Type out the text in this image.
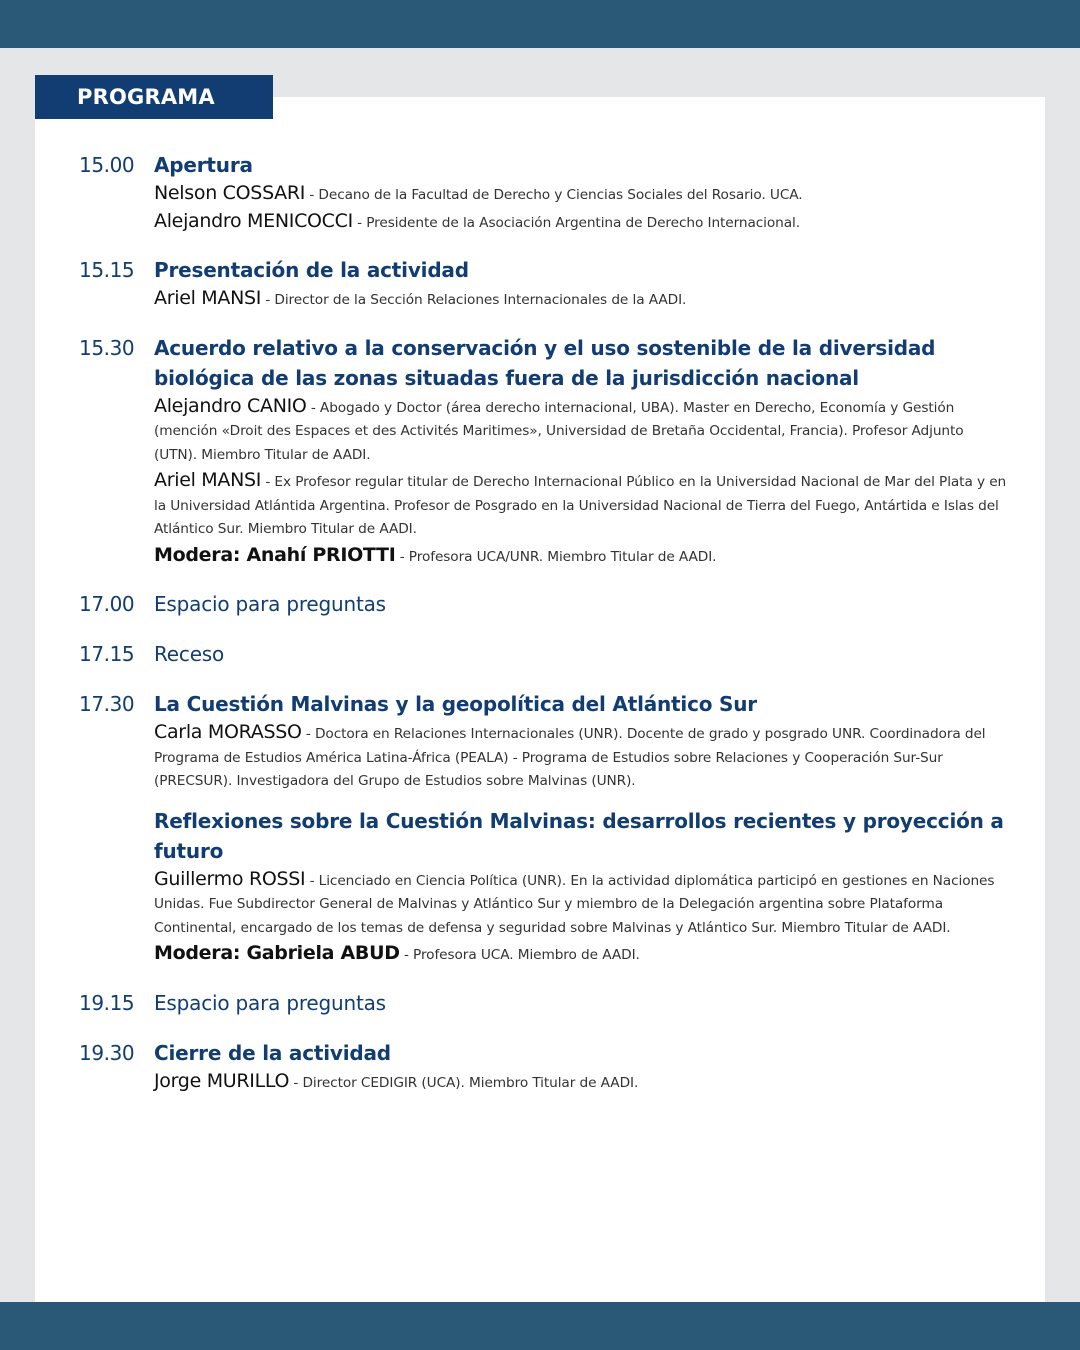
PROGRAMA
15.00 Apertura
Nelson COSSARI - Decano de la Facultad de Derecho y Ciencias Sociales del Rosario. UCA.
Alejandro MENICOCCI - Presidente de la Asociación Argentina de Derecho Internacional.
15.15 Presentación de la actividad
Ariel MANSI - Director de la Sección Relaciones Internacionales de la AADI.
15.30 Acuerdo relativo a la conservación y el uso sostenible de la diversidad biológica de las zonas situadas fuera de la jurisdicción nacional
Alejandro CANIO - Abogado y Doctor (área derecho internacional, UBA). Master en Derecho, Economía y Gestión (mención «Droit des Espaces et des Activités Maritimes», Universidad de Bretaña Occidental, Francia). Profesor Adjunto (UTN). Miembro Titular de AADI.
Ariel MANSI - Ex Profesor regular titular de Derecho Internacional Público en la Universidad Nacional de Mar del Plata y en la Universidad Atlántida Argentina. Profesor de Posgrado en la Universidad Nacional de Tierra del Fuego, Antártida e Islas del Atlántico Sur. Miembro Titular de AADI.
Modera: Anahí PRIOTTI - Profesora UCA/UNR. Miembro Titular de AADI.
17.00 Espacio para preguntas
17.15 Receso
17.30 La Cuestión Malvinas y la geopolítica del Atlántico Sur
Carla MORASSO - Doctora en Relaciones Internacionales (UNR). Docente de grado y posgrado UNR. Coordinadora del Programa de Estudios América Latina-África (PEALA) - Programa de Estudios sobre Relaciones y Cooperación Sur-Sur (PRECSUR). Investigadora del Grupo de Estudios sobre Malvinas (UNR).
Reflexiones sobre la Cuestión Malvinas: desarrollos recientes y proyección a futuro
Guillermo ROSSI - Licenciado en Ciencia Política (UNR). En la actividad diplomática participó en gestiones en Naciones Unidas. Fue Subdirector General de Malvinas y Atlántico Sur y miembro de la Delegación argentina sobre Plataforma Continental, encargado de los temas de defensa y seguridad sobre Malvinas y Atlántico Sur. Miembro Titular de AADI.
Modera: Gabriela ABUD - Profesora UCA. Miembro de AADI.
19.15 Espacio para preguntas
19.30 Cierre de la actividad
Jorge MURILLO - Director CEDIGIR (UCA). Miembro Titular de AADI.
